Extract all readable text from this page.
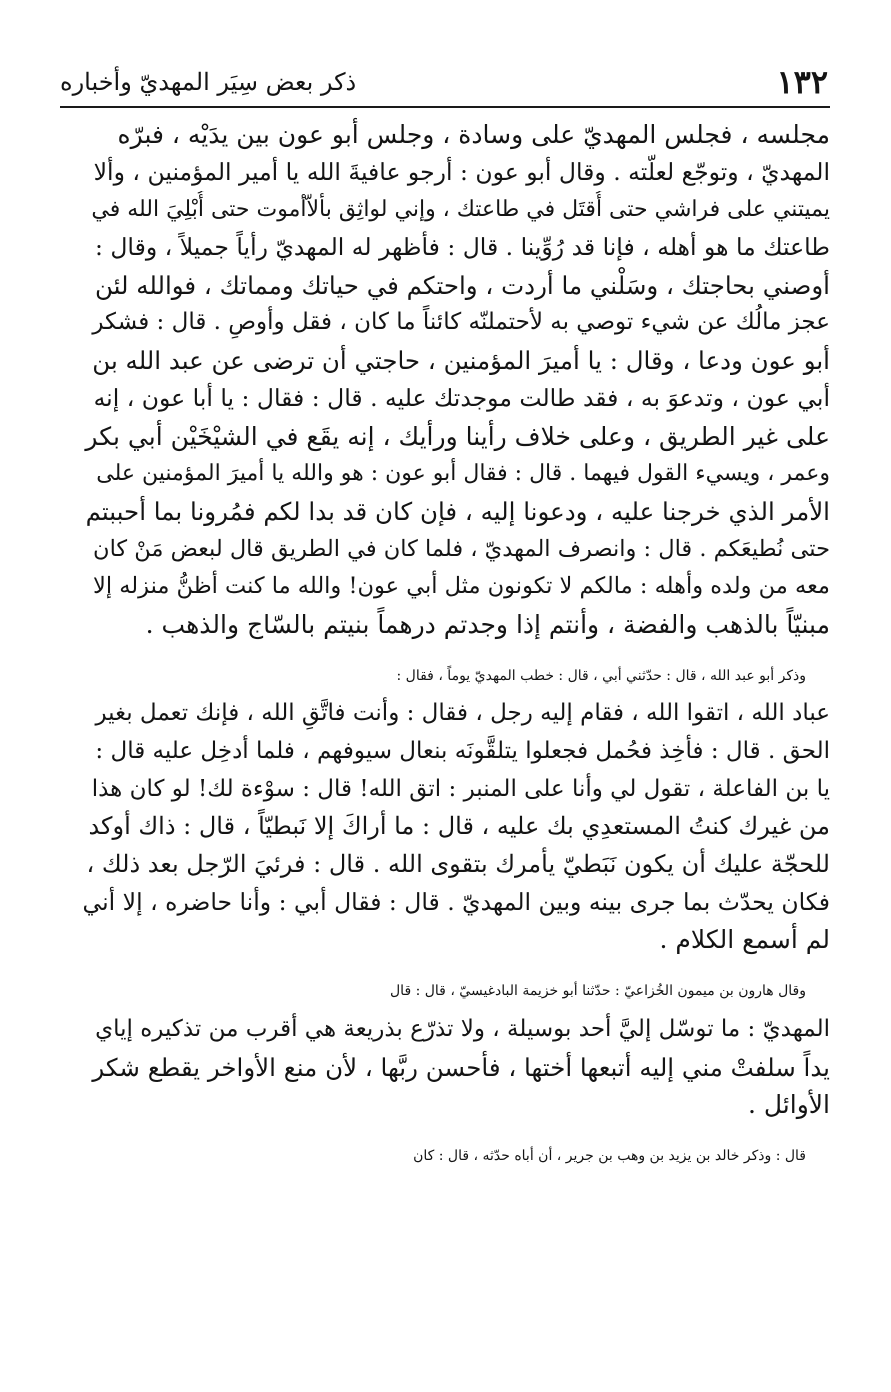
١٣٢
ذكر بعض سِيَر المهديّ وأخباره
مجلسه ، فجلس المهديّ على وسادة ، وجلس أبو عون بين يدَيْه ، فبرّه
المهديّ ، وتوجّع لعلَّته . وقال أبو عون : أرجو عافيةَ الله يا أمير المؤمنين ، وألا
يميتني على فراشي حتى أُقتَل في طاعتك ، وإني لواثِق بألاّأموت حتى أُبْلِيَ الله في
طاعتك ما هو أهله ، فإنا قد رُوِّينا . قال : فأظهر له المهديّ رأياً جميلاً ، وقال :
أوصني بحاجتك ، وسَلْني ما أردت ، واحتكم في حياتك ومماتك ، فوالله لئن
عجز مالُك عن شيء توصي به لأحتملنّه كائناً ما كان ، فقل وأوصِ . قال : فشكر
أبو عون ودعا ، وقال : يا أميرَ المؤمنين ، حاجتي أن ترضى عن عبد الله بن
أبي عون ، وتدعوَ به ، فقد طالت موجدتك عليه . قال : فقال : يا أبا عون ، إنه
على غير الطريق ، وعلى خلاف رأينا ورأيك ، إنه يقَع في الشيْخَيْن أبي بكر
وعمر ، ويسيء القول فيهما . قال : فقال أبو عون : هو والله يا أميرَ المؤمنين على
الأمر الذي خرجنا عليه ، ودعونا إليه ، فإن كان قد بدا لكم فمُرونا بما أحببتم
حتى نُطيعَكم . قال : وانصرف المهديّ ، فلما كان في الطريق قال لبعض مَنْ كان
معه من ولده وأهله : مالكم لا تكونون مثل أبي عون! والله ما كنت أظنُّ منزله إلا
مبنيّاً بالذهب والفضة ، وأنتم إذا وجدتم درهماً بنيتم بالسّاج والذهب .
وذكر أبو عبد الله ، قال : حدّثني أبي ، قال : خطب المهديّ يوماً ، فقال :
عباد الله ، اتقوا الله ، فقام إليه رجل ، فقال : وأنت فاتَّقِ الله ، فإنك تعمل بغير
الحق . قال : فأخِذ فحُمل فجعلوا يتلقَّونَه بنعال سيوفهم ، فلما أدخِل عليه قال :
يا بن الفاعلة ، تقول لي وأنا على المنبر : اتق الله! قال : سوْءة لك! لو كان هذا
من غيرك كنتُ المستعدِي بك عليه ، قال : ما أراكَ إلا نَبطيّاً ، قال : ذاك أوكد
للحجّة عليك أن يكون نَبَطيّ يأمرك بتقوى الله . قال : فرئيَ الرّجل بعد ذلك ،
فكان يحدّث بما جرى بينه وبين المهديّ . قال : فقال أبي : وأنا حاضره ، إلا أني
لم أسمع الكلام .
وقال هارون بن ميمون الخُزاعيّ : حدّثنا أبو خزيمة البادغيسيّ ، قال : قال
المهديّ : ما توسّل إليَّ أحد بوسيلة ، ولا تذرّع بذريعة هي أقرب من تذكيره إياي
يداً سلفتْ مني إليه أتبعها أختها ، فأحسن ربَّها ، لأن منع الأواخر يقطع شكر
الأوائل .
قال : وذكر خالد بن يزيد بن وهب بن جرير ، أن أباه حدّثه ، قال : كان
